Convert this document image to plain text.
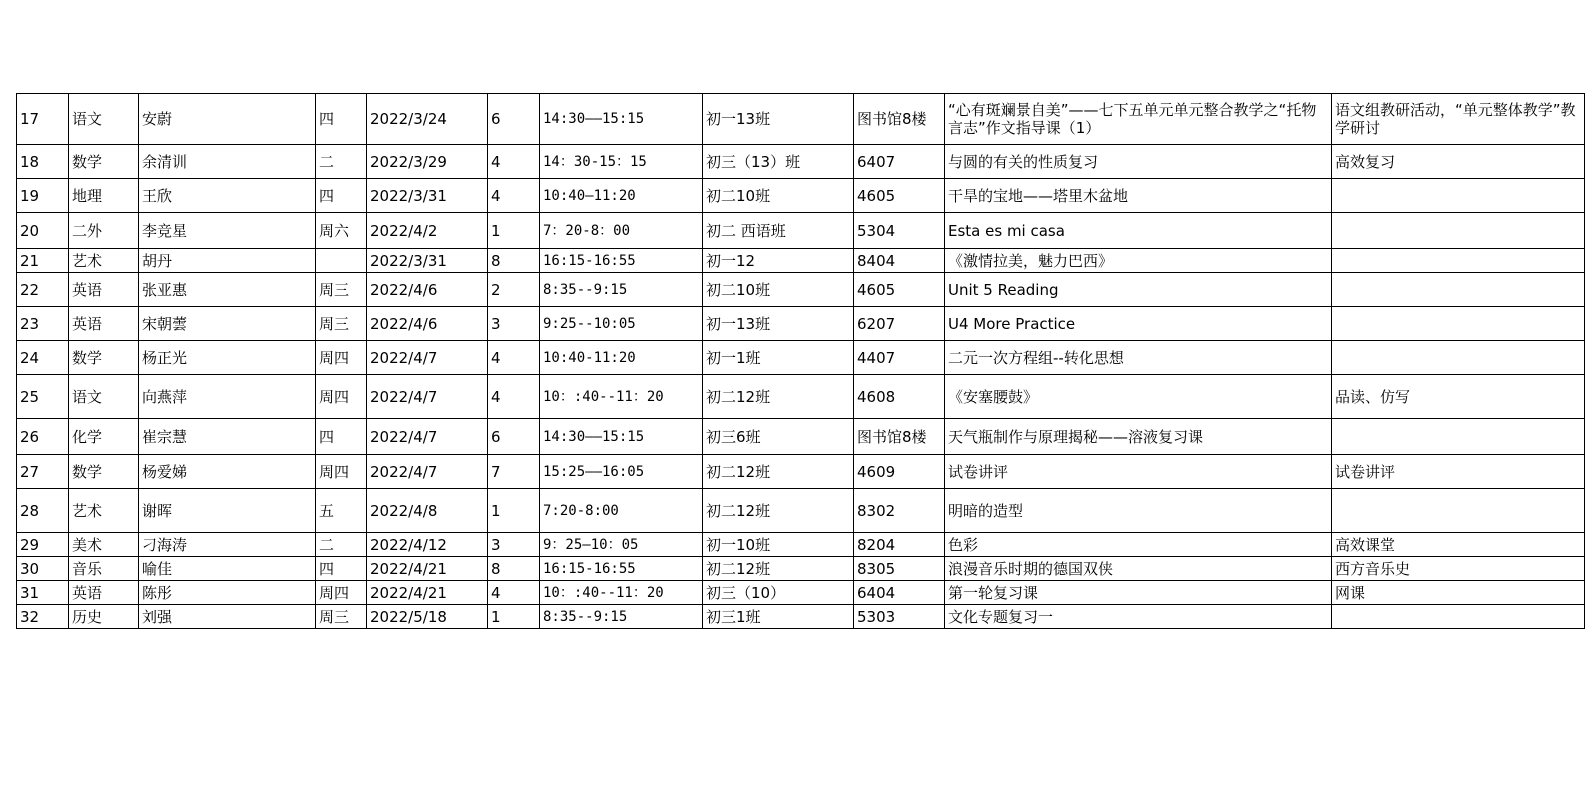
17	语文	安蔚	四	2022/3/24	6	14:30——15:15	初一13班	图书馆8楼	“心有斑斓景自美”——七下五单元单元整合教学之“托物言志”作文指导课（1）	语文组教研活动，“单元整体教学”教学研讨
18	数学	余清训	二	2022/3/29	4	14：30-15：15	初三（13）班	6407	与圆的有关的性质复习	高效复习
19	地理	王欣	四	2022/3/31	4	10:40—11:20	初二10班	4605	干旱的宝地——塔里木盆地	
20	二外	李竞星	周六	2022/4/2	1	7：20-8：00	初二 西语班	5304	Esta es mi casa	
21	艺术	胡丹		2022/3/31	8	16:15-16:55	初一12	8404	《激情拉美，魅力巴西》	
22	英语	张亚惠	周三	2022/4/6	2	8:35--9:15	初二10班	4605	Unit 5 Reading	
23	英语	宋朝蕓	周三	2022/4/6	3	9:25--10:05	初一13班	6207	U4 More Practice	
24	数学	杨正光	周四	2022/4/7	4	10:40-11:20	初一1班	4407	二元一次方程组--转化思想	
25	语文	向燕萍	周四	2022/4/7	4	10：:40--11：20	初二12班	4608	《安塞腰鼓》	品读、仿写
26	化学	崔宗慧	四	2022/4/7	6	14:30——15:15	初三6班	图书馆8楼	天气瓶制作与原理揭秘——溶液复习课	
27	数学	杨爱娣	周四	2022/4/7	7	15:25——16:05	初二12班	4609	试卷讲评	试卷讲评
28	艺术	谢晖	五	2022/4/8	1	7:20-8:00	初二12班	8302	明暗的造型	
29	美术	刁海涛	二	2022/4/12	3	9：25—10：05	初一10班	8204	色彩	高效课堂
30	音乐	喻佳	四	2022/4/21	8	16:15-16:55	初二12班	8305	浪漫音乐时期的德国双侠	西方音乐史
31	英语	陈彤	周四	2022/4/21	4	10：:40--11：20	初三（10）	6404	第一轮复习课	网课
32	历史	刘强	周三	2022/5/18	1	8:35--9:15	初三1班	5303	文化专题复习一	
